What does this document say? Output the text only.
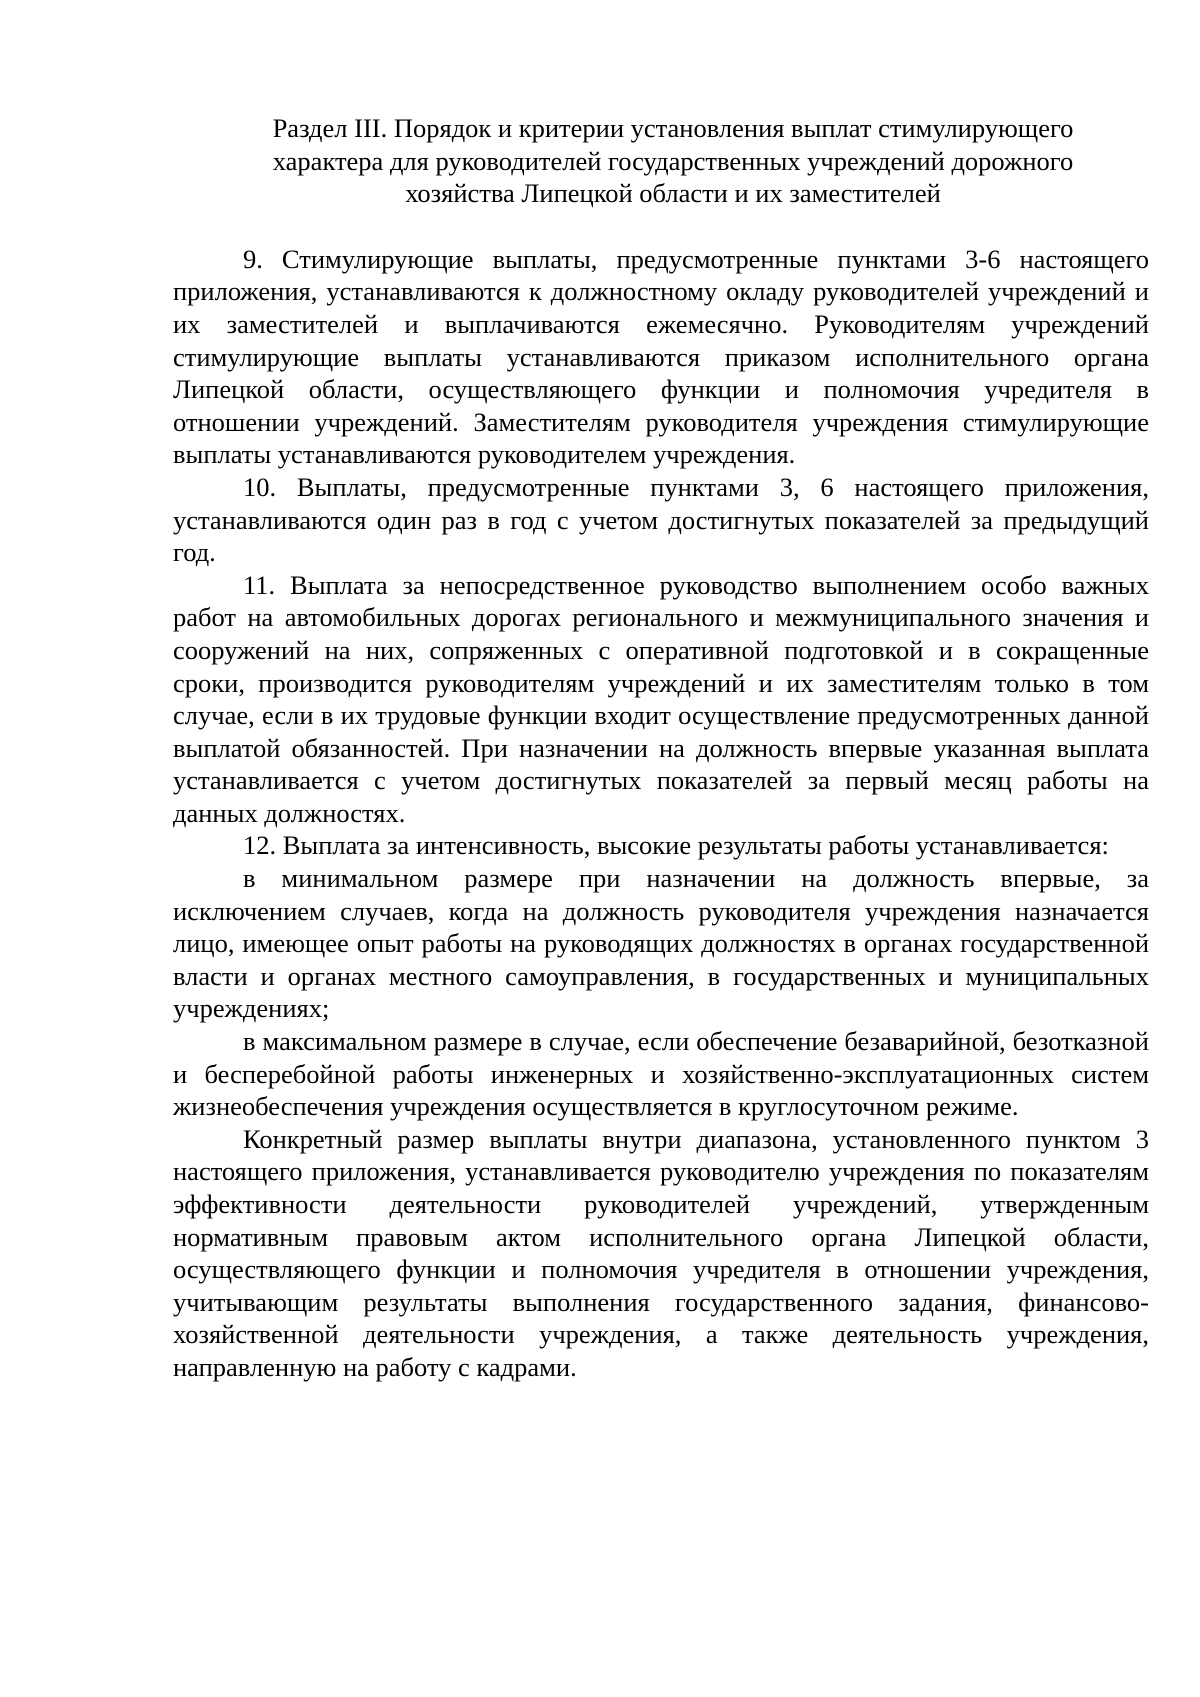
Раздел III. Порядок и критерии установления выплат стимулирующего
характера для руководителей государственных учреждений дорожного
хозяйства Липецкой области и их заместителей

9. Стимулирующие выплаты, предусмотренные пунктами 3-6 настоящего приложения, устанавливаются к должностному окладу руководителей учреждений и их заместителей и выплачиваются ежемесячно. Руководителям учреждений стимулирующие выплаты устанавливаются приказом исполнительного органа Липецкой области, осуществляющего функции и полномочия учредителя в отношении учреждений. Заместителям руководителя учреждения стимулирующие выплаты устанавливаются руководителем учреждения.

10. Выплаты, предусмотренные пунктами 3, 6 настоящего приложения, устанавливаются один раз в год с учетом достигнутых показателей за предыдущий год.

11. Выплата за непосредственное руководство выполнением особо важных работ на автомобильных дорогах регионального и межмуниципального значения и сооружений на них, сопряженных с оперативной подготовкой и в сокращенные сроки, производится руководителям учреждений и их заместителям только в том случае, если в их трудовые функции входит осуществление предусмотренных данной выплатой обязанностей. При назначении на должность впервые указанная выплата устанавливается с учетом достигнутых показателей за первый месяц работы на данных должностях.

12. Выплата за интенсивность, высокие результаты работы устанавливается:

в минимальном размере при назначении на должность впервые, за исключением случаев, когда на должность руководителя учреждения назначается лицо, имеющее опыт работы на руководящих должностях в органах государственной власти и органах местного самоуправления, в государственных и муниципальных учреждениях;

в максимальном размере в случае, если обеспечение безаварийной, безотказной и бесперебойной работы инженерных и хозяйственно-эксплуатационных систем жизнеобеспечения учреждения осуществляется в круглосуточном режиме.

Конкретный размер выплаты внутри диапазона, установленного пунктом 3 настоящего приложения, устанавливается руководителю учреждения по показателям эффективности деятельности руководителей учреждений, утвержденным нормативным правовым актом исполнительного органа Липецкой области, осуществляющего функции и полномочия учредителя в отношении учреждения, учитывающим результаты выполнения государственного задания, финансово-хозяйственной деятельности учреждения, а также деятельность учреждения, направленную на работу с кадрами.
